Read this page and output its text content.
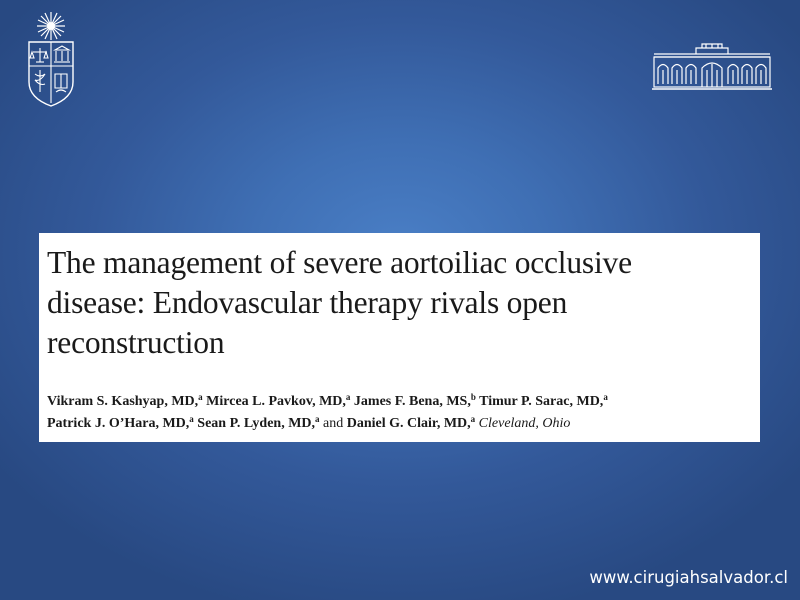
The management of severe aortoiliac occlusive
disease: Endovascular therapy rivals open
reconstruction
Vikram S. Kashyap, MD,$^a$ Mircea L. Pavkov, MD,$^a$ James F. Bena, MS,$^b$ Timur P. Sarac, MD,$^a$
Patrick J. O’Hara, MD,$^a$ Sean P. Lyden, MD,$^a$ and Daniel G. Clair, MD,$^a$ Cleveland, Ohio
www.cirugiahsalvador.cl
